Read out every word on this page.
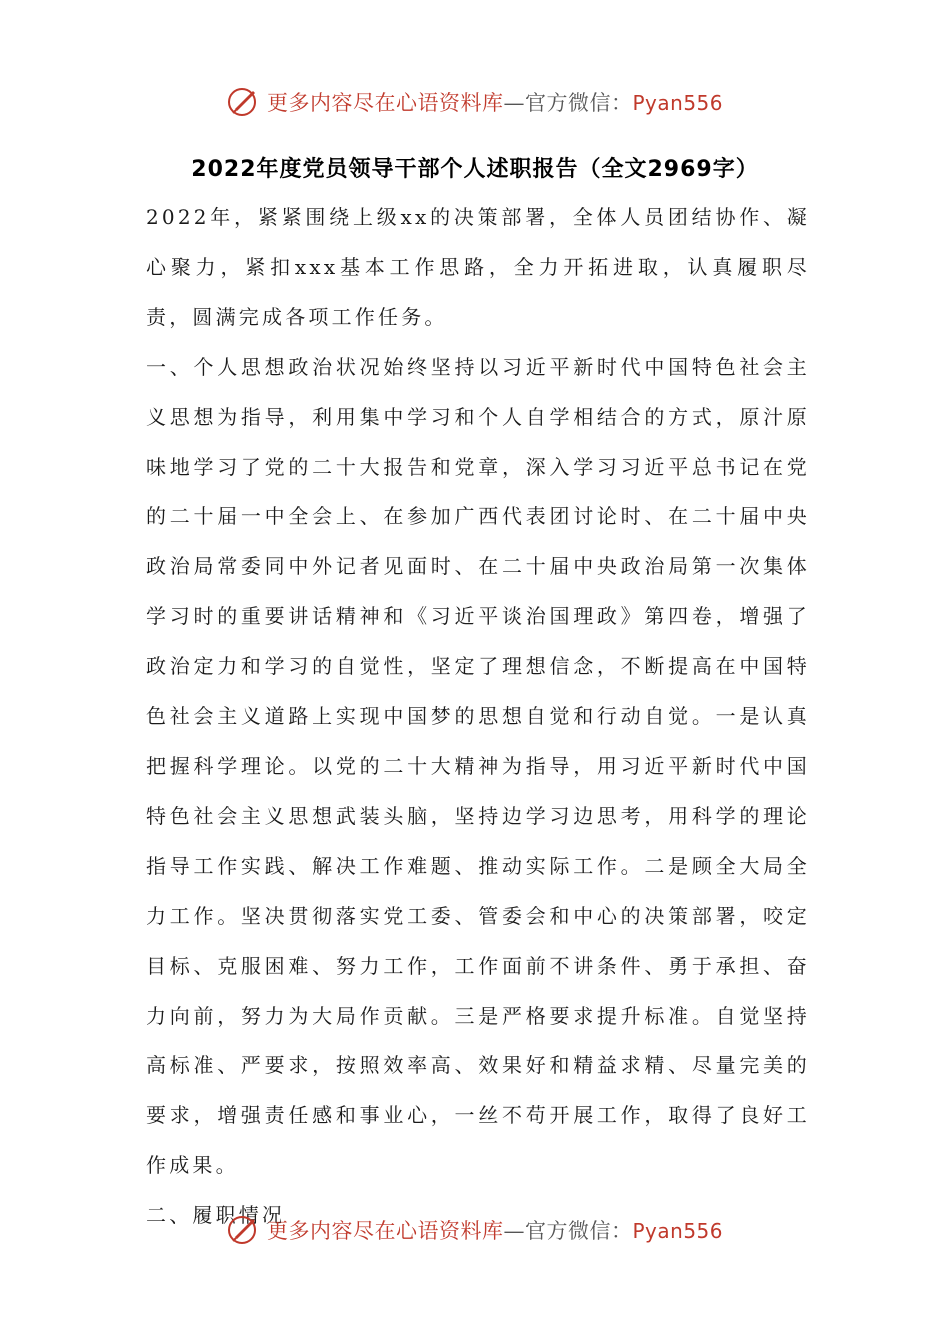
更多内容尽在心语资料库—官方微信：Pyan556
2022年度党员领导干部个人述职报告（全文2969字）

2022年，紧紧围绕上级xx的决策部署，全体人员团结协作、凝心聚力，紧扣xxx基本工作思路，全力开拓进取，认真履职尽责，圆满完成各项工作任务。

一、个人思想政治状况始终坚持以习近平新时代中国特色社会主义思想为指导，利用集中学习和个人自学相结合的方式，原汁原味地学习了党的二十大报告和党章，深入学习习近平总书记在党的二十届一中全会上、在参加广西代表团讨论时、在二十届中央政治局常委同中外记者见面时、在二十届中央政治局第一次集体学习时的重要讲话精神和《习近平谈治国理政》第四卷，增强了政治定力和学习的自觉性，坚定了理想信念，不断提高在中国特色社会主义道路上实现中国梦的思想自觉和行动自觉。一是认真把握科学理论。以党的二十大精神为指导，用习近平新时代中国特色社会主义思想武装头脑，坚持边学习边思考，用科学的理论指导工作实践、解决工作难题、推动实际工作。二是顾全大局全力工作。坚决贯彻落实党工委、管委会和中心的决策部署，咬定目标、克服困难、努力工作，工作面前不讲条件、勇于承担、奋力向前，努力为大局作贡献。三是严格要求提升标准。自觉坚持高标准、严要求，按照效率高、效果好和精益求精、尽量完美的要求，增强责任感和事业心，一丝不苟开展工作，取得了良好工作成果。

二、履职情况

更多内容尽在心语资料库—官方微信：Pyan556
